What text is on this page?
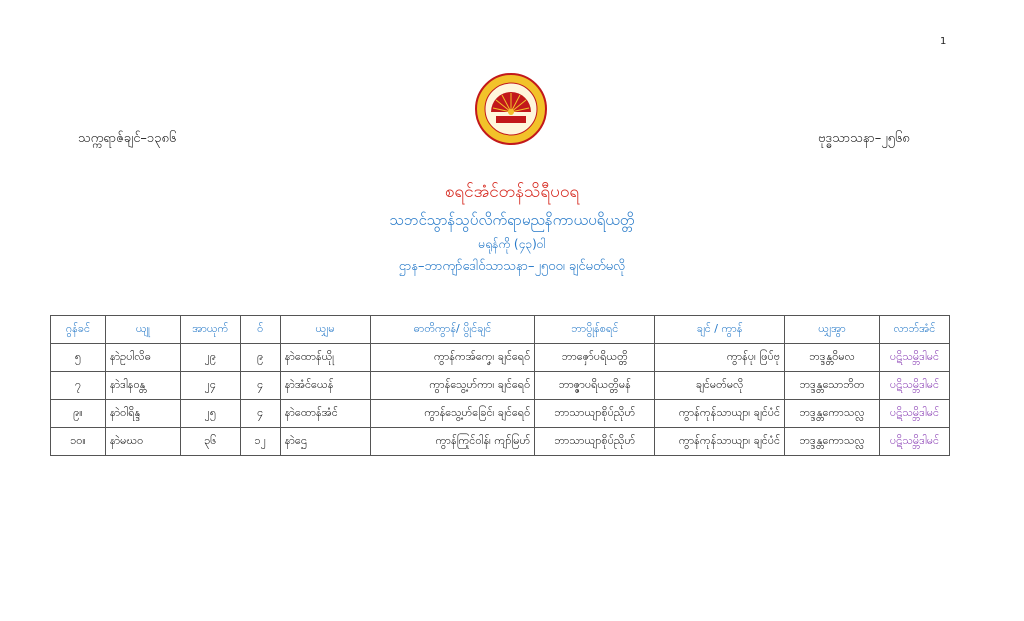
1
သက္ကရာဇ်ချင်–၁၃၈၆	ဗုဒ္ဓသာသနာ–၂၅၆၈
စရင်အံင်တန်သိရီပဝရ
သဘင်သွာန်သွပ်လိက်ရာမညနိကာယပရိယတ္တိ
မရုန်ကို (၄၃)ဝါ
ဌာန–ဘာကျာ်ဒေါဝ်သာသနာ–၂၅၀၀၊ ချင်မတ်မလို
ဂွန်ခင်	ယျု	အာယုက်	ဝ်	ယျှမ	ဓာတိကွာန်/ ပွိုင်ချင်	ဘာပွိုန်စရင်	ချင် / ကွာန်	ယျှအွာ	လာဘ်အံင်
၅	နာဲဥပါလိဓ	၂၉	၉	နာဲထောန်ယိုု	ကွာန်ကအ်ကၞေ၊ ချင်ရေဝ်	ဘာဇှော်ပရိယတ္တိ	ကွာန်ပု၊ ဖြပ်ဗု	ဘဒ္ဒန္တဝိမလ	ပဋိသမ္ဘိဒါမင်
၇	နာဲဒါနဝန္တ	၂၄	၄	နာဲအံင်ယေန်	ကွာန်သွေ့ဟ်ကာ၊ ချင်ရေဝ်	ဘာဇ္ဇာပရိယတ္တိမန်	ချင်မတ်မလို	ဘဒ္ဒန္တသောဘိတ	ပဋိသမ္ဘိဒါမင်
၉။	နာဲဝါရိန္ဒ	၂၅	၄	နာဲထောန်အံင်	ကွာန်သွေ့ဟ်ခြေင်၊ ချင်ရေဝ်	ဘာသာယျာစိုပ်ညိုဟ်	ကွာန်ကုန်သာယျာ၊ ချင်ပံင်	ဘဒ္ဒန္တကောသလ္လ	ပဋိသမ္ဘိဒါမင်
၁၀။	နာဲမဃဝ	၃၆	၁၂	နာဲဌေ	ကွာန်ကြုင်ဝါန်၊ ကျာ်မြဟ်	ဘာသာယျာစိုပ်ညိုဟ်	ကွာန်ကုန်သာယျာ၊ ချင်ပံင်	ဘဒ္ဒန္တကောသလ္လ	ပဋိသမ္ဘိဒါမင်
